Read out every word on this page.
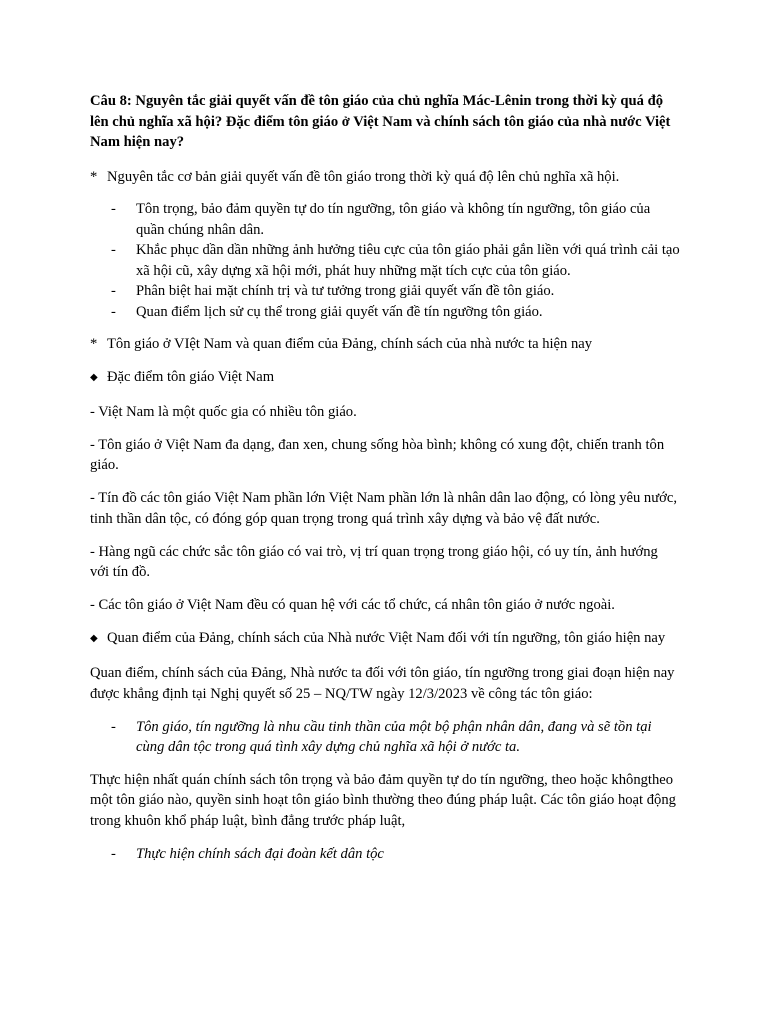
Câu 8: Nguyên tắc giải quyết vấn đề tôn giáo của chủ nghĩa Mác-Lênin trong thời kỳ quá độ lên chủ nghĩa xã hội? Đặc điểm tôn giáo ở Việt Nam và chính sách tôn giáo của nhà nước Việt Nam hiện nay?

* Nguyên tắc cơ bản giải quyết vấn đề tôn giáo trong thời kỳ quá độ lên chủ nghĩa xã hội.

- Tôn trọng, bảo đảm quyền tự do tín ngưỡng, tôn giáo và không tín ngưỡng, tôn giáo của quần chúng nhân dân.
- Khắc phục dần dần những ảnh hưởng tiêu cực của tôn giáo phải gắn liền với quá trình cải tạo xã hội cũ, xây dựng xã hội mới, phát huy những mặt tích cực của tôn giáo.
- Phân biệt hai mặt chính trị và tư tưởng trong giải quyết vấn đề tôn giáo.
- Quan điểm lịch sử cụ thể trong giải quyết vấn đề tín ngưỡng tôn giáo.

* Tôn giáo ở VIệt Nam và quan điểm của Đảng, chính sách của nhà nước ta hiện nay

◆ Đặc điểm tôn giáo Việt Nam

- Việt Nam là một quốc gia có nhiều tôn giáo.

- Tôn giáo ở Việt Nam đa dạng, đan xen, chung sống hòa bình; không có xung đột, chiến tranh tôn giáo.

- Tín đồ các tôn giáo Việt Nam phần lớn Việt Nam phần lớn là nhân dân lao động, có lòng yêu nước, tinh thần dân tộc, có đóng góp quan trọng trong quá trình xây dựng và bảo vệ đất nước.

- Hàng ngũ các chức sắc tôn giáo có vai trò, vị trí quan trọng trong giáo hội, có uy tín, ảnh hướng với tín đồ.

- Các tôn giáo ở Việt Nam đều có quan hệ với các tổ chức, cá nhân tôn giáo ở nước ngoài.

◆ Quan điểm của Đảng, chính sách của Nhà nước Việt Nam đối với tín ngưỡng, tôn giáo hiện nay

Quan điểm, chính sách của Đảng, Nhà nước ta đối với tôn giáo, tín ngưỡng trong giai đoạn hiện nay được khẳng định tại Nghị quyết số 25 – NQ/TW ngày 12/3/2023 về công tác tôn giáo:

- Tôn giáo, tín ngưỡng là nhu cầu tinh thần của một bộ phận nhân dân, đang và sẽ tồn tại cùng dân tộc trong quá tình xây dựng chủ nghĩa xã hội ở nước ta.

Thực hiện nhất quán chính sách tôn trọng và bảo đảm quyền tự do tín ngưỡng, theo hoặc khôngtheo một tôn giáo nào, quyền sinh hoạt tôn giáo bình thường theo đúng pháp luật. Các tôn giáo hoạt động trong khuôn khổ pháp luật, bình đẳng trước pháp luật,

- Thực hiện chính sách đại đoàn kết dân tộc
